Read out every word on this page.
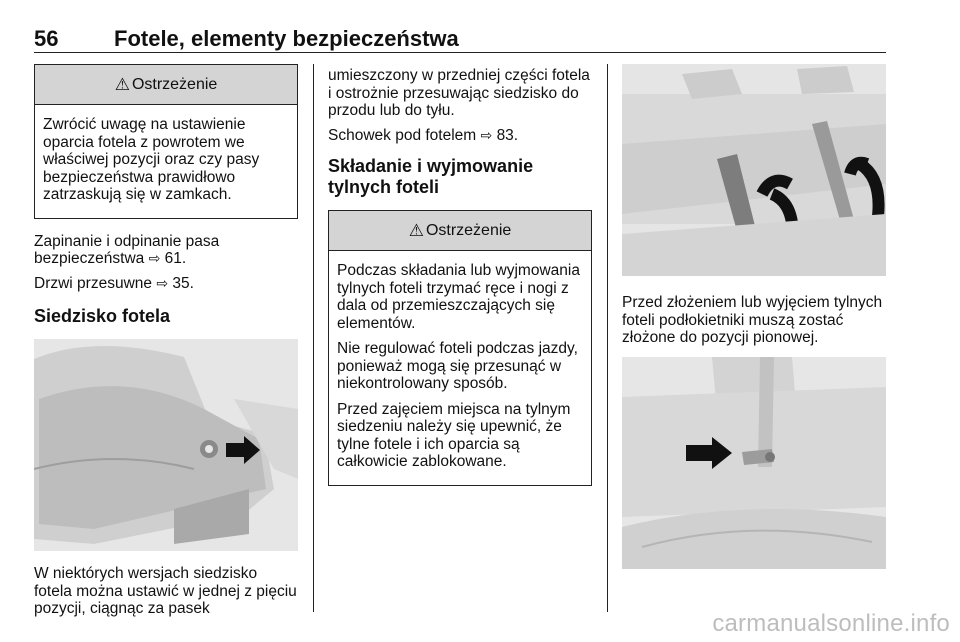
56	Fotele, elementy bezpieczeństwa
⚠ Ostrzeżenie

Zwrócić uwagę na ustawienie oparcia fotela z powrotem we właściwej pozycji oraz czy pasy bezpieczeństwa prawidłowo zatrzaskują się w zamkach.

Zapinanie i odpinanie pasa bezpieczeństwa ⇨ 61.

Drzwi przesuwne ⇨ 35.

Siedzisko fotela

W niektórych wersjach siedzisko fotela można ustawić w jednej z pięciu pozycji, ciągnąc za pasek

umieszczony w przedniej części fotela i ostrożnie przesuwając siedzisko do przodu lub do tyłu.

Schowek pod fotelem ⇨ 83.

Składanie i wyjmowanie tylnych foteli
⚠ Ostrzeżenie

Podczas składania lub wyjmowania tylnych foteli trzymać ręce i nogi z dala od przemieszczających się elementów.

Nie regulować foteli podczas jazdy, ponieważ mogą się przesunąć w niekontrolowany sposób.

Przed zajęciem miejsca na tylnym siedzeniu należy się upewnić, że tylne fotele i ich oparcia są całkowicie zablokowane.

Przed złożeniem lub wyjęciem tylnych foteli podłokietniki muszą zostać złożone do pozycji pionowej.

carmanualsonline.info
